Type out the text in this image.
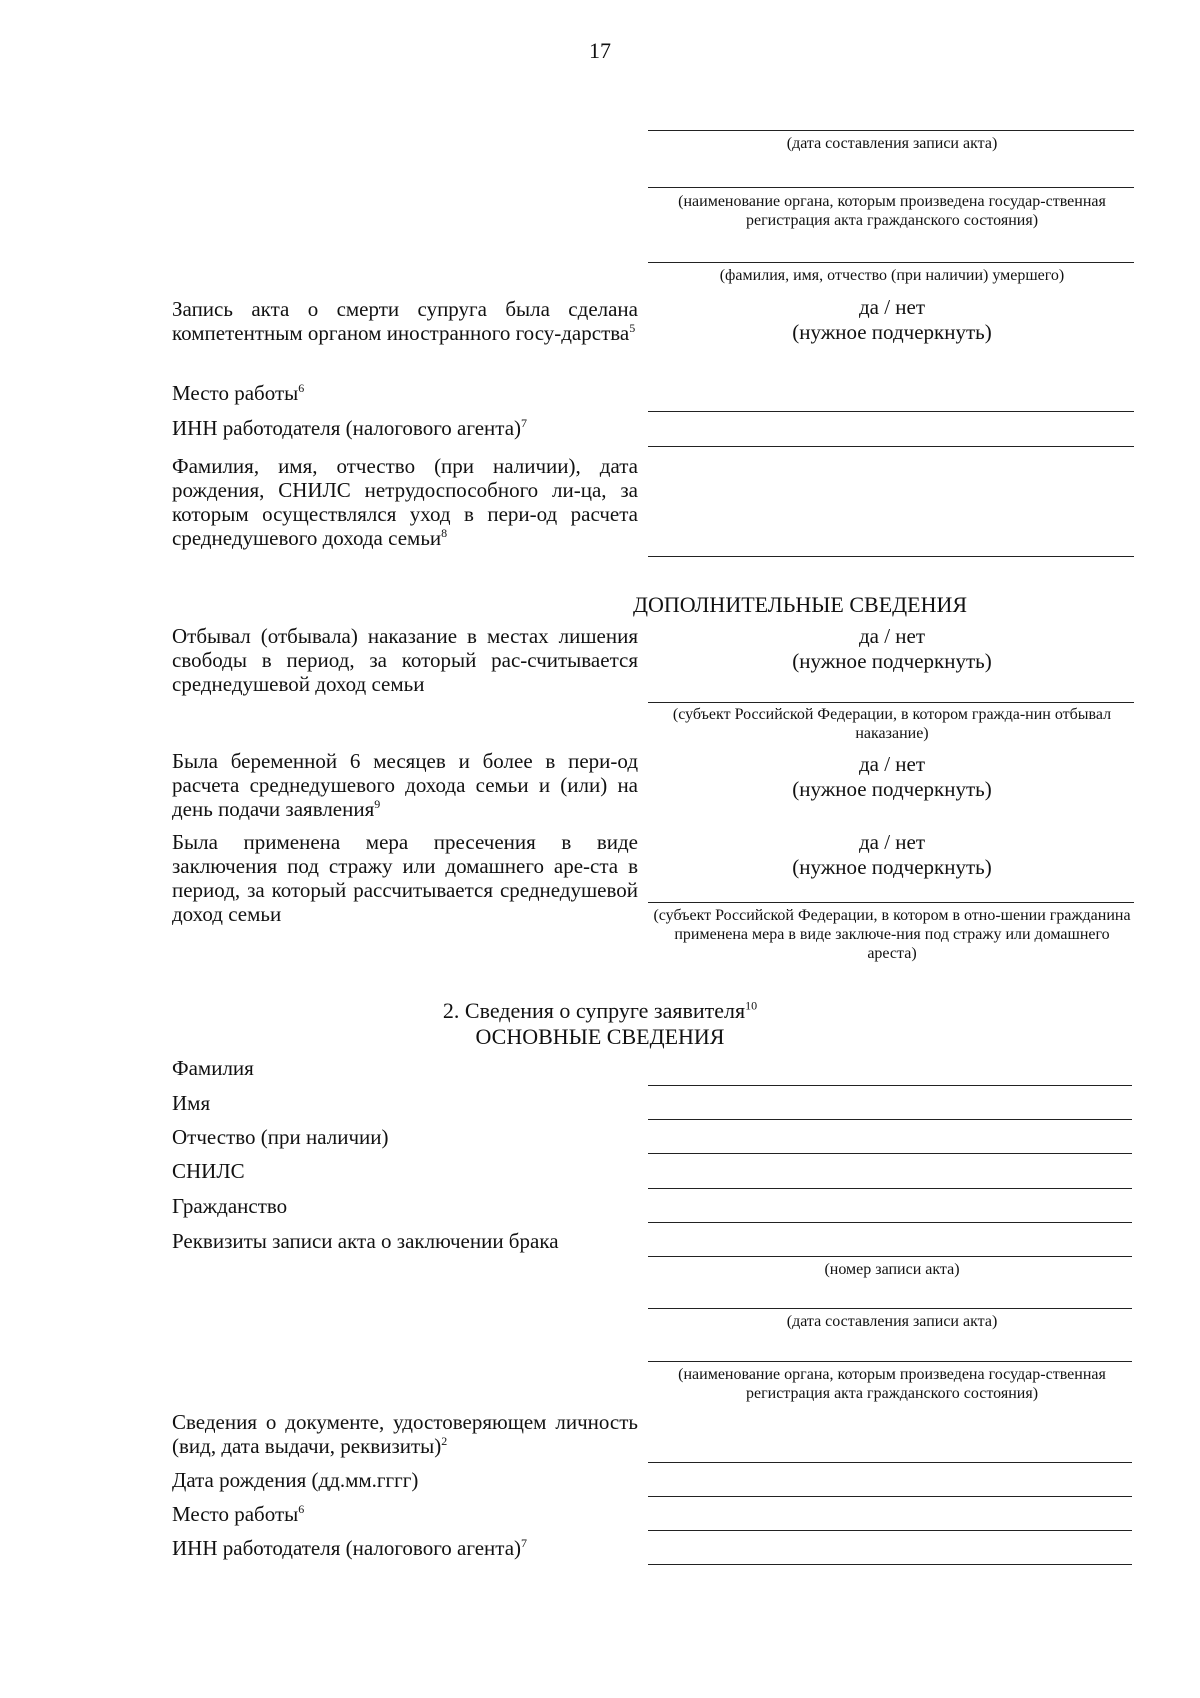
17
(дата составления записи акта)
(наименование органа, которым произведена государ-ственная регистрация акта гражданского состояния)
(фамилия, имя, отчество (при наличии) умершего)
Запись акта о смерти супруга была сделана компетентным органом иностранного госу-дарства$^5$
да / нет
(нужное подчеркнуть)
Место работы$^6$
ИНН работодателя (налогового агента)$^7$
Фамилия, имя, отчество (при наличии), дата рождения, СНИЛС нетрудоспособного ли-ца, за которым осуществлялся уход в пери-од расчета среднедушевого дохода семьи$^8$
ДОПОЛНИТЕЛЬНЫЕ СВЕДЕНИЯ
Отбывал (отбывала) наказание в местах лишения свободы в период, за который рас-считывается среднедушевой доход семьи
да / нет
(нужное подчеркнуть)
(субъект Российской Федерации, в котором гражда-нин отбывал наказание)
Была беременной 6 месяцев и более в пери-од расчета среднедушевого дохода семьи и (или) на день подачи заявления$^9$
да / нет
(нужное подчеркнуть)
Была применена мера пресечения в виде заключения под стражу или домашнего аре-ста в период, за который рассчитывается среднедушевой доход семьи
да / нет
(нужное подчеркнуть)
(субъект Российской Федерации, в котором в отно-шении гражданина применена мера в виде заключе-ния под стражу или домашнего ареста)
2. Сведения о супруге заявителя$^{10}$
ОСНОВНЫЕ СВЕДЕНИЯ
Фамилия
Имя
Отчество (при наличии)
СНИЛС
Гражданство
Реквизиты записи акта о заключении брака
(номер записи акта)
(дата составления записи акта)
(наименование органа, которым произведена государ-ственная регистрация акта гражданского состояния)
Сведения о документе, удостоверяющем личность (вид, дата выдачи, реквизиты)$^2$
Дата рождения (дд.мм.гггг)
Место работы$^6$
ИНН работодателя (налогового агента)$^7$
